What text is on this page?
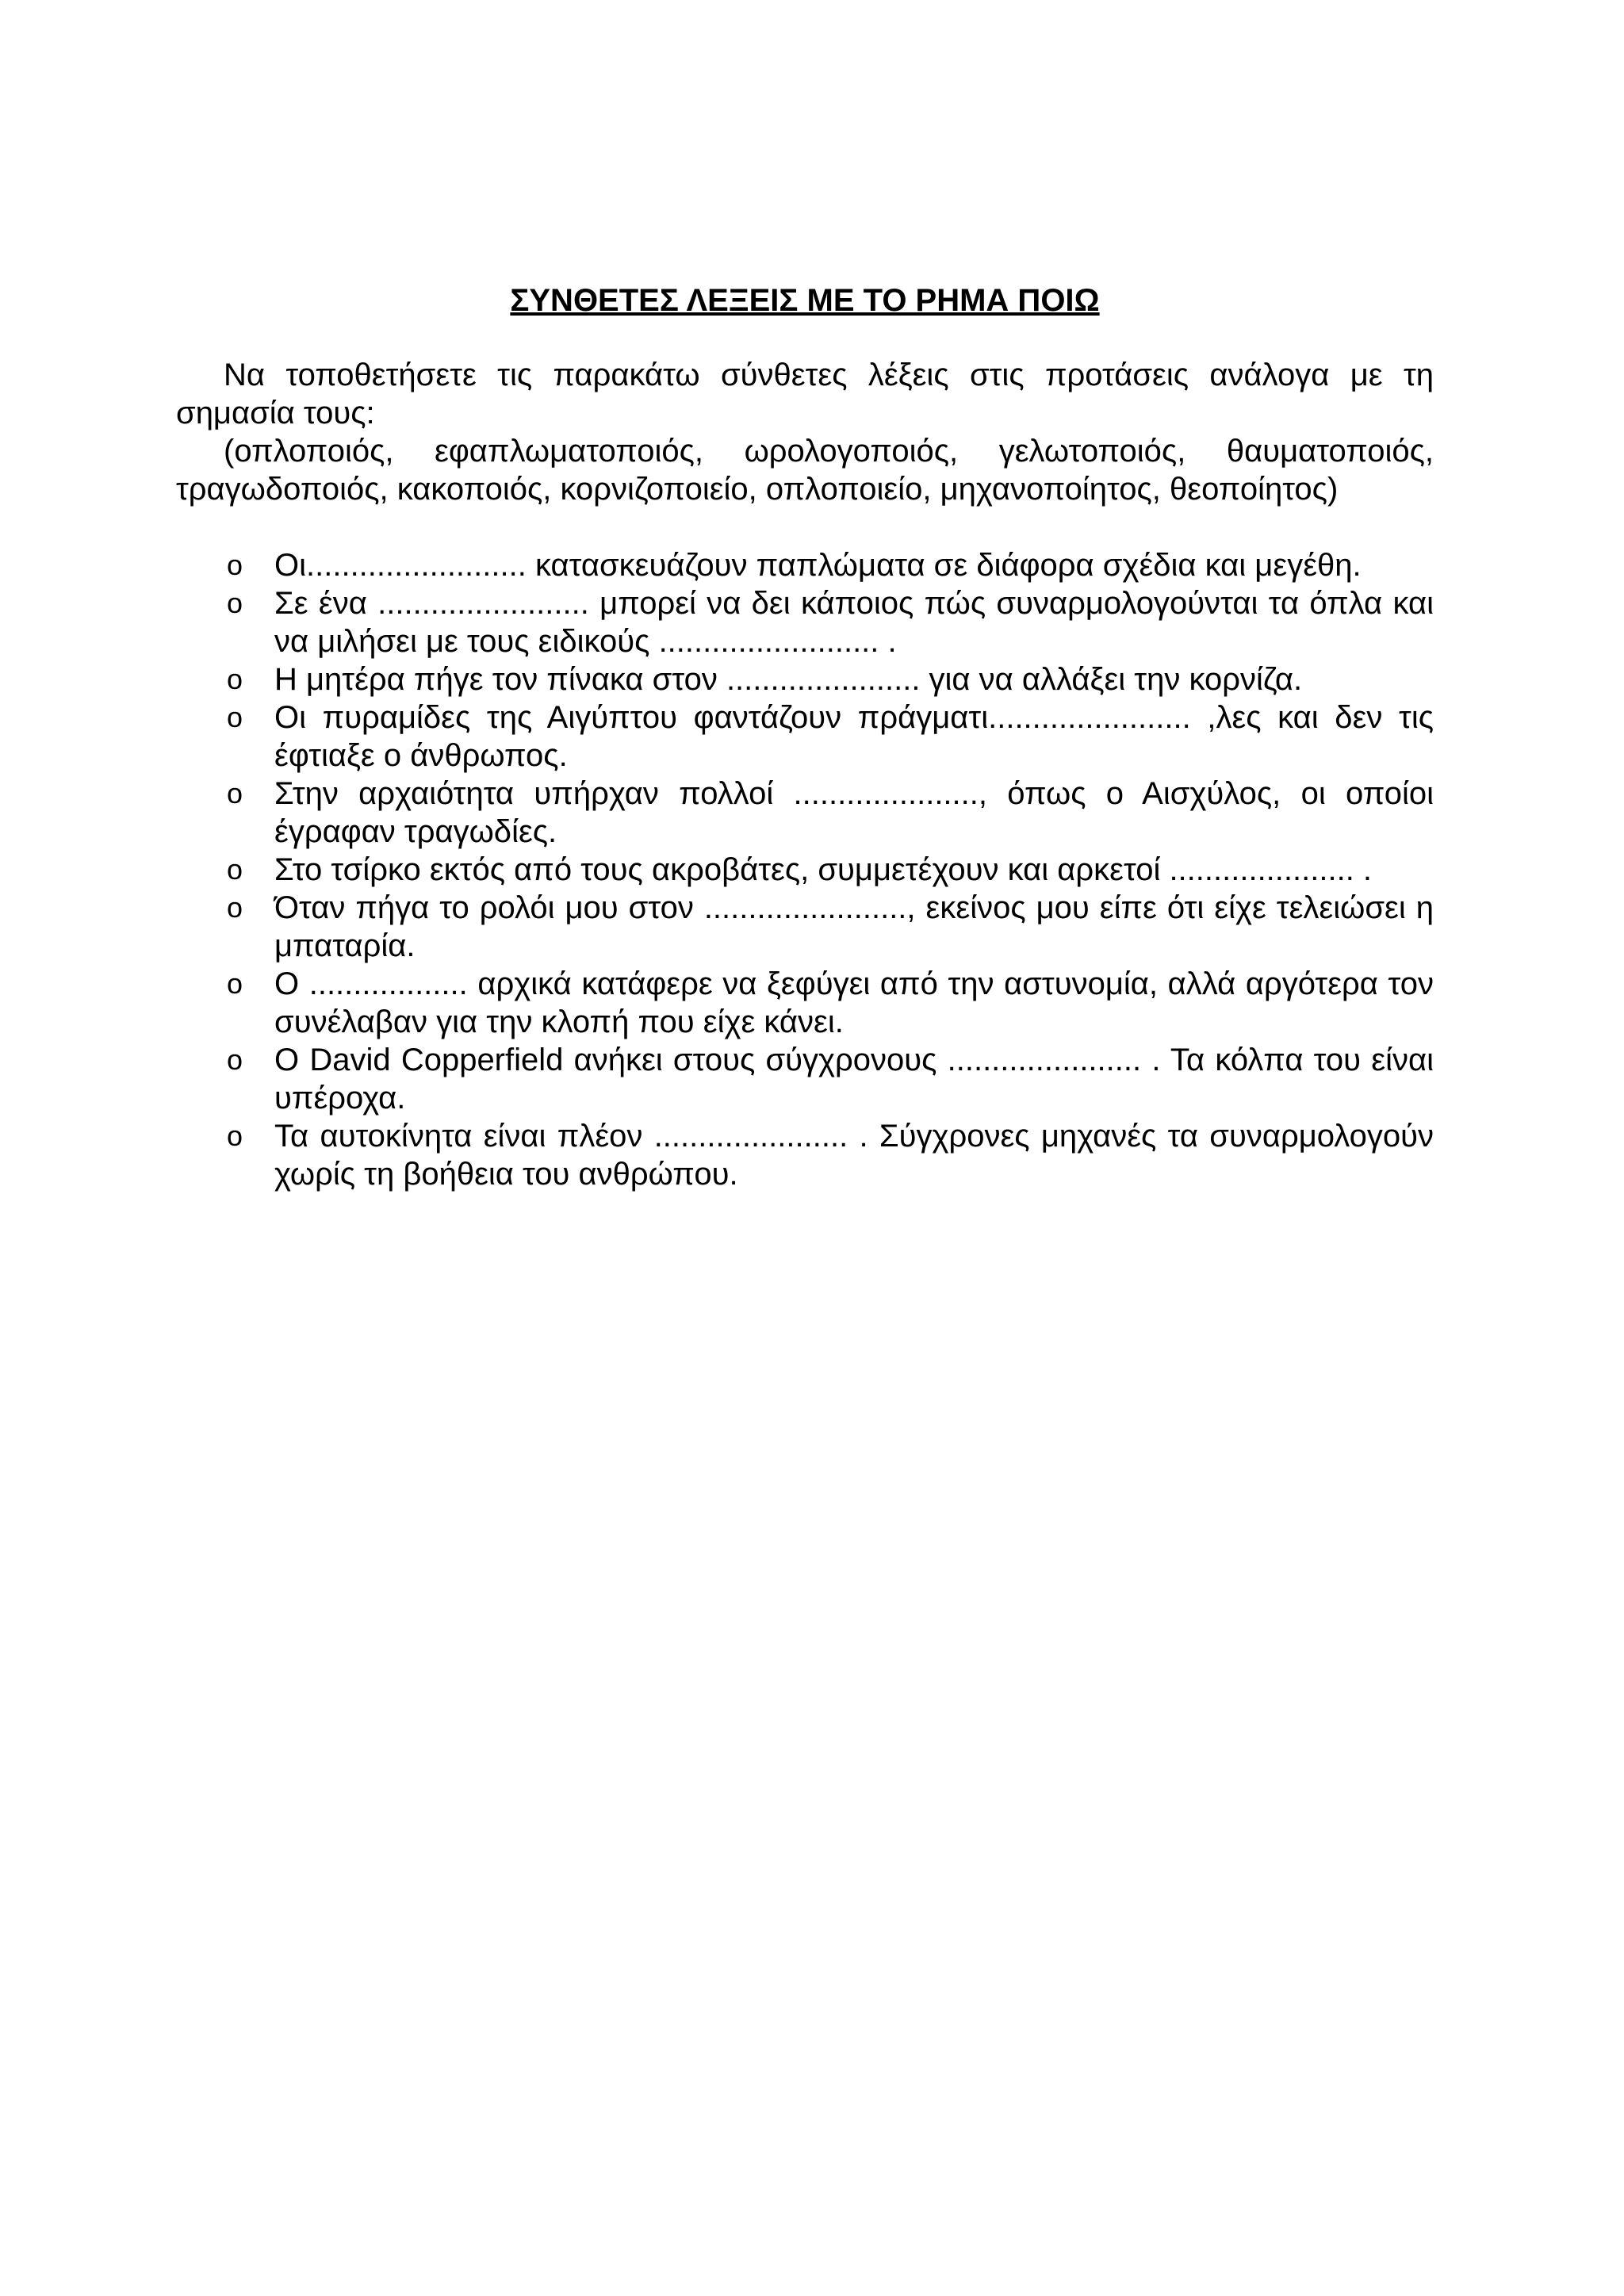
ΣΥΝΘΕΤΕΣ ΛΕΞΕΙΣ ΜΕ ΤΟ ΡΗΜΑ ΠΟΙΩ

Να τοποθετήσετε τις παρακάτω σύνθετες λέξεις στις προτάσεις ανάλογα με τη σημασία τους:

(οπλοποιός, εφαπλωματοποιός, ωρολογοποιός, γελωτοποιός, θαυματοποιός, τραγωδοποιός, κακοποιός, κορνιζοποιείο, οπλοποιείο, μηχανοποίητος, θεοποίητος)

o Οι......................... κατασκευάζουν παπλώματα σε διάφορα σχέδια και μεγέθη.
o Σε ένα ........................ μπορεί να δει κάποιος πώς συναρμολογούνται τα όπλα και να μιλήσει με τους ειδικούς ......................... .
o Η μητέρα πήγε τον πίνακα στον ...................... για να αλλάξει την κορνίζα.
o Οι πυραμίδες της Αιγύπτου φαντάζουν πράγματι....................... ,λες και δεν τις έφτιαξε ο άνθρωπος.
o Στην αρχαιότητα υπήρχαν πολλοί ....................., όπως ο Αισχύλος, οι οποίοι έγραφαν τραγωδίες.
o Στο τσίρκο εκτός από τους ακροβάτες, συμμετέχουν και αρκετοί ..................... .
o Όταν πήγα το ρολόι μου στον ......................., εκείνος μου είπε ότι είχε τελειώσει η μπαταρία.
o Ο .................. αρχικά κατάφερε να ξεφύγει από την αστυνομία, αλλά αργότερα τον συνέλαβαν για την κλοπή που είχε κάνει.
o Ο David Copperfield ανήκει στους σύγχρονους ...................... . Τα κόλπα του είναι υπέροχα.
o Τα αυτοκίνητα είναι πλέον ...................... . Σύγχρονες μηχανές τα συναρμολογούν χωρίς τη βοήθεια του ανθρώπου.
